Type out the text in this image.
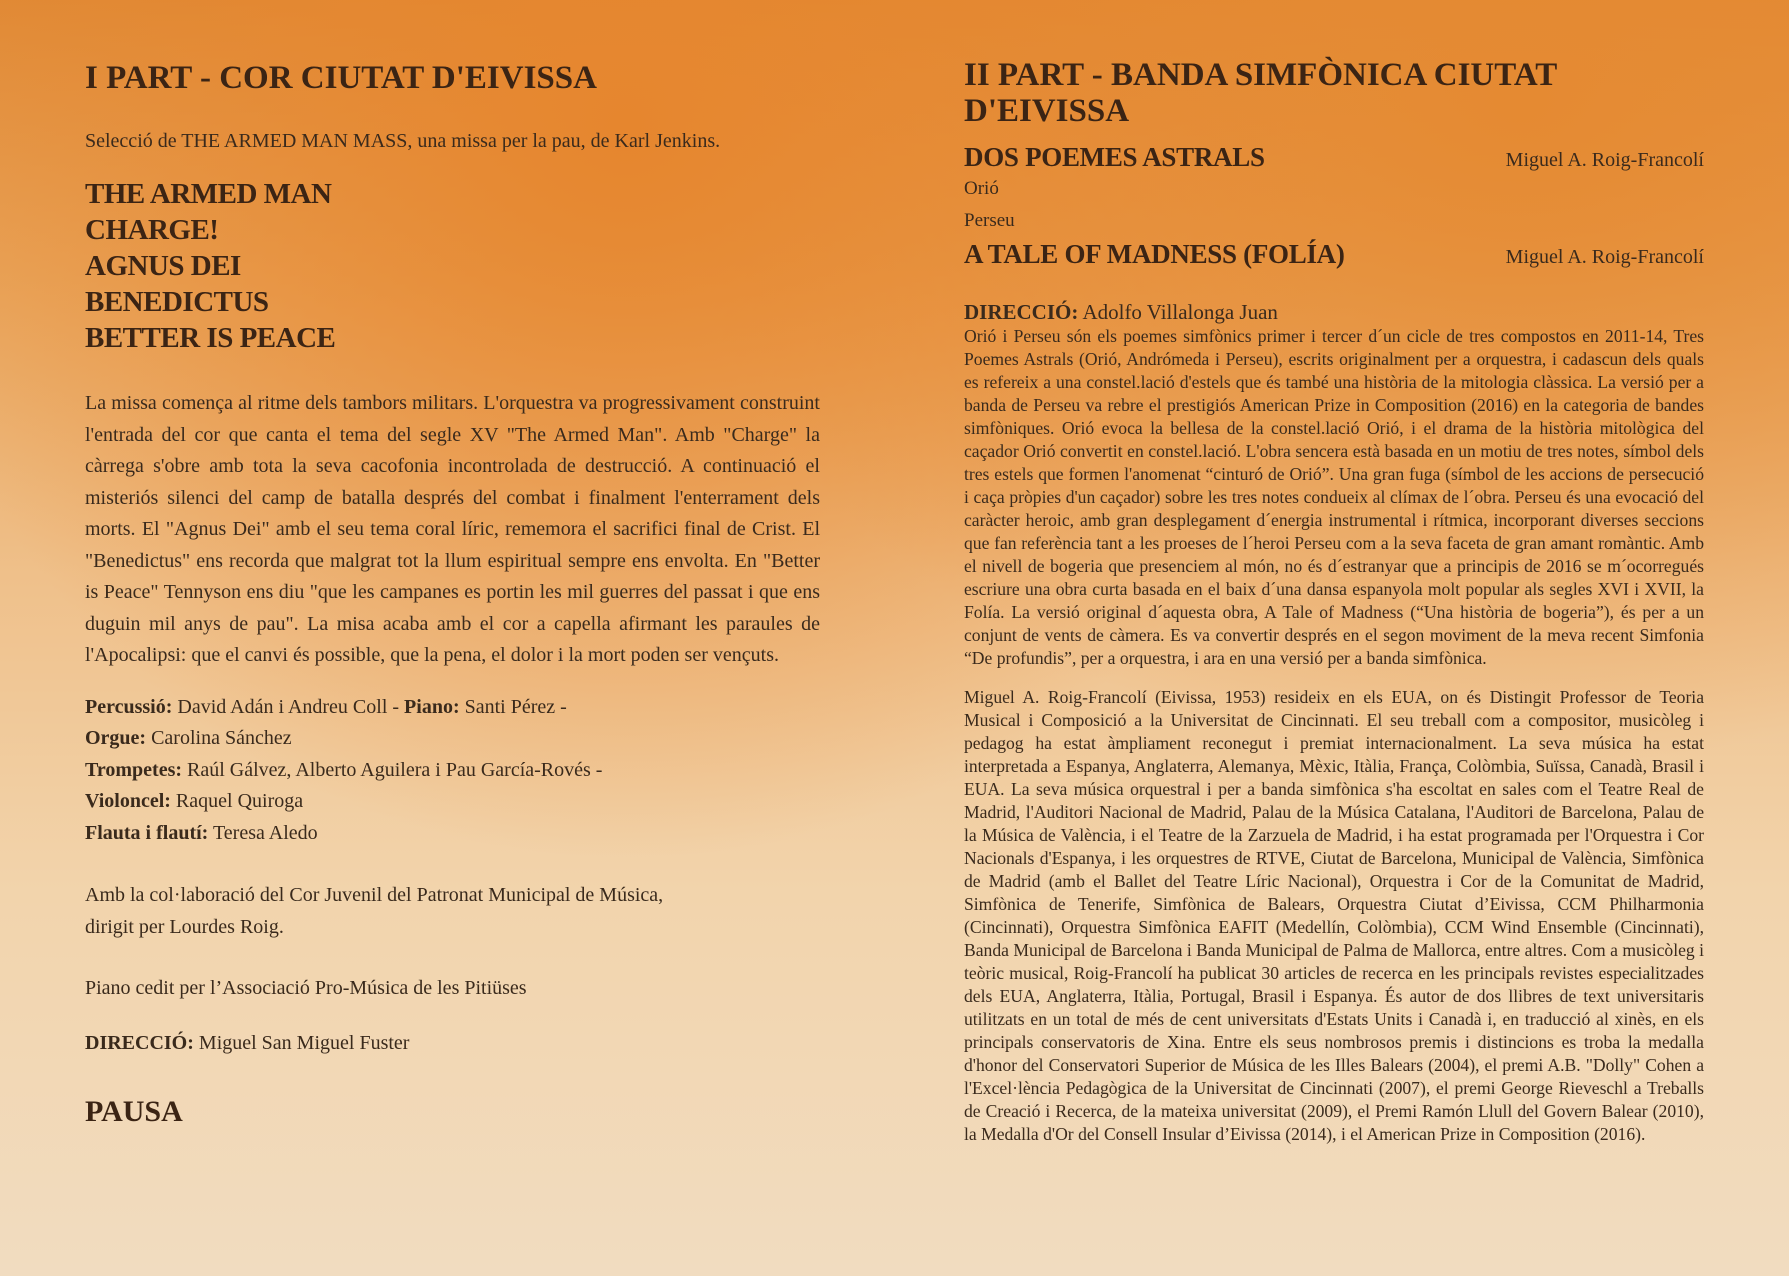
I PART - COR CIUTAT D'EIVISSA
Selecció de THE ARMED MAN MASS, una missa per la pau, de Karl Jenkins.
THE ARMED MAN
CHARGE!
AGNUS DEI
BENEDICTUS
BETTER IS PEACE
La missa comença al ritme dels tambors militars. L'orquestra va progressivament construint l'entrada del cor que canta el tema del segle XV "The Armed Man". Amb "Charge" la càrrega s'obre amb tota la seva cacofonia incontrolada de destrucció. A continuació el misteriós silenci del camp de batalla després del combat i finalment l'enterrament dels morts. El "Agnus Dei" amb el seu tema coral líric, rememora el sacrifici final de Crist. El "Benedictus" ens recorda que malgrat tot la llum espiritual sempre ens envolta. En "Better is Peace" Tennyson ens diu "que les campanes es portin les mil guerres del passat i que ens duguin mil anys de pau". La misa acaba amb el cor a capella afirmant les paraules de l'Apocalipsi: que el canvi és possible, que la pena, el dolor i la mort poden ser vençuts.
Percussió: David Adán i Andreu Coll - Piano: Santi Pérez -
Orgue: Carolina Sánchez
Trompetes: Raúl Gálvez, Alberto Aguilera i Pau García-Rovés -
Violoncel: Raquel Quiroga
Flauta i flautí: Teresa Aledo
Amb la col·laboració del Cor Juvenil del Patronat Municipal de Música,
dirigit per Lourdes Roig.
Piano cedit per l’Associació Pro-Música de les Pitiüses
DIRECCIÓ: Miguel San Miguel Fuster
PAUSA
II PART - BANDA SIMFÒNICA CIUTAT D'EIVISSA
DOS POEMES ASTRALS	Miguel A. Roig-Francolí
Orió
Perseu
A TALE OF MADNESS (FOLÍA)	Miguel A. Roig-Francolí
DIRECCIÓ: Adolfo Villalonga Juan
Orió i Perseu són els poemes simfònics primer i tercer d´un cicle de tres compostos en 2011-14, Tres Poemes Astrals (Orió, Andrómeda i Perseu), escrits originalment per a orquestra, i cadascun dels quals es refereix a una constel.lació d'estels que és també una història de la mitologia clàssica. La versió per a banda de Perseu va rebre el prestigiós American Prize in Composition (2016) en la categoria de bandes simfòniques. Orió evoca la bellesa de la constel.lació Orió, i el drama de la història mitològica del caçador Orió convertit en constel.lació. L'obra sencera està basada en un motiu de tres notes, símbol dels tres estels que formen l'anomenat “cinturó de Orió”. Una gran fuga (símbol de les accions de persecució i caça pròpies d'un caçador) sobre les tres notes condueix al clímax de l´obra. Perseu és una evocació del caràcter heroic, amb gran desplegament d´energia instrumental i rítmica, incorporant diverses seccions que fan referència tant a les proeses de l´heroi Perseu com a la seva faceta de gran amant romàntic. Amb el nivell de bogeria que presenciem al món, no és d´estranyar que a principis de 2016 se m´ocorregués escriure una obra curta basada en el baix d´una dansa espanyola molt popular als segles XVI i XVII, la Folía. La versió original d´aquesta obra, A Tale of Madness (“Una història de bogeria”), és per a un conjunt de vents de càmera. Es va convertir després en el segon moviment de la meva recent Simfonia “De profundis”, per a orquestra, i ara en una versió per a banda simfònica.
Miguel A. Roig-Francolí (Eivissa, 1953) resideix en els EUA, on és Distingit Professor de Teoria Musical i Composició a la Universitat de Cincinnati. El seu treball com a compositor, musicòleg i pedagog ha estat àmpliament reconegut i premiat internacionalment. La seva música ha estat interpretada a Espanya, Anglaterra, Alemanya, Mèxic, Itàlia, França, Colòmbia, Suïssa, Canadà, Brasil i EUA. La seva música orquestral i per a banda simfònica s'ha escoltat en sales com el Teatre Real de Madrid, l'Auditori Nacional de Madrid, Palau de la Música Catalana, l'Auditori de Barcelona, Palau de la Música de València, i el Teatre de la Zarzuela de Madrid, i ha estat programada per l'Orquestra i Cor Nacionals d'Espanya, i les orquestres de RTVE, Ciutat de Barcelona, Municipal de València, Simfònica de Madrid (amb el Ballet del Teatre Líric Nacional), Orquestra i Cor de la Comunitat de Madrid, Simfònica de Tenerife, Simfònica de Balears, Orquestra Ciutat d’Eivissa, CCM Philharmonia (Cincinnati), Orquestra Simfònica EAFIT (Medellín, Colòmbia), CCM Wind Ensemble (Cincinnati), Banda Municipal de Barcelona i Banda Municipal de Palma de Mallorca, entre altres. Com a musicòleg i teòric musical, Roig-Francolí ha publicat 30 articles de recerca en les principals revistes especialitzades dels EUA, Anglaterra, Itàlia, Portugal, Brasil i Espanya. És autor de dos llibres de text universitaris utilitzats en un total de més de cent universitats d'Estats Units i Canadà i, en traducció al xinès, en els principals conservatoris de Xina. Entre els seus nombrosos premis i distincions es troba la medalla d'honor del Conservatori Superior de Música de les Illes Balears (2004), el premi A.B. "Dolly" Cohen a l'Excel·lència Pedagògica de la Universitat de Cincinnati (2007), el premi George Rieveschl a Treballs de Creació i Recerca, de la mateixa universitat (2009), el Premi Ramón Llull del Govern Balear (2010), la Medalla d'Or del Consell Insular d’Eivissa (2014), i el American Prize in Composition (2016).
